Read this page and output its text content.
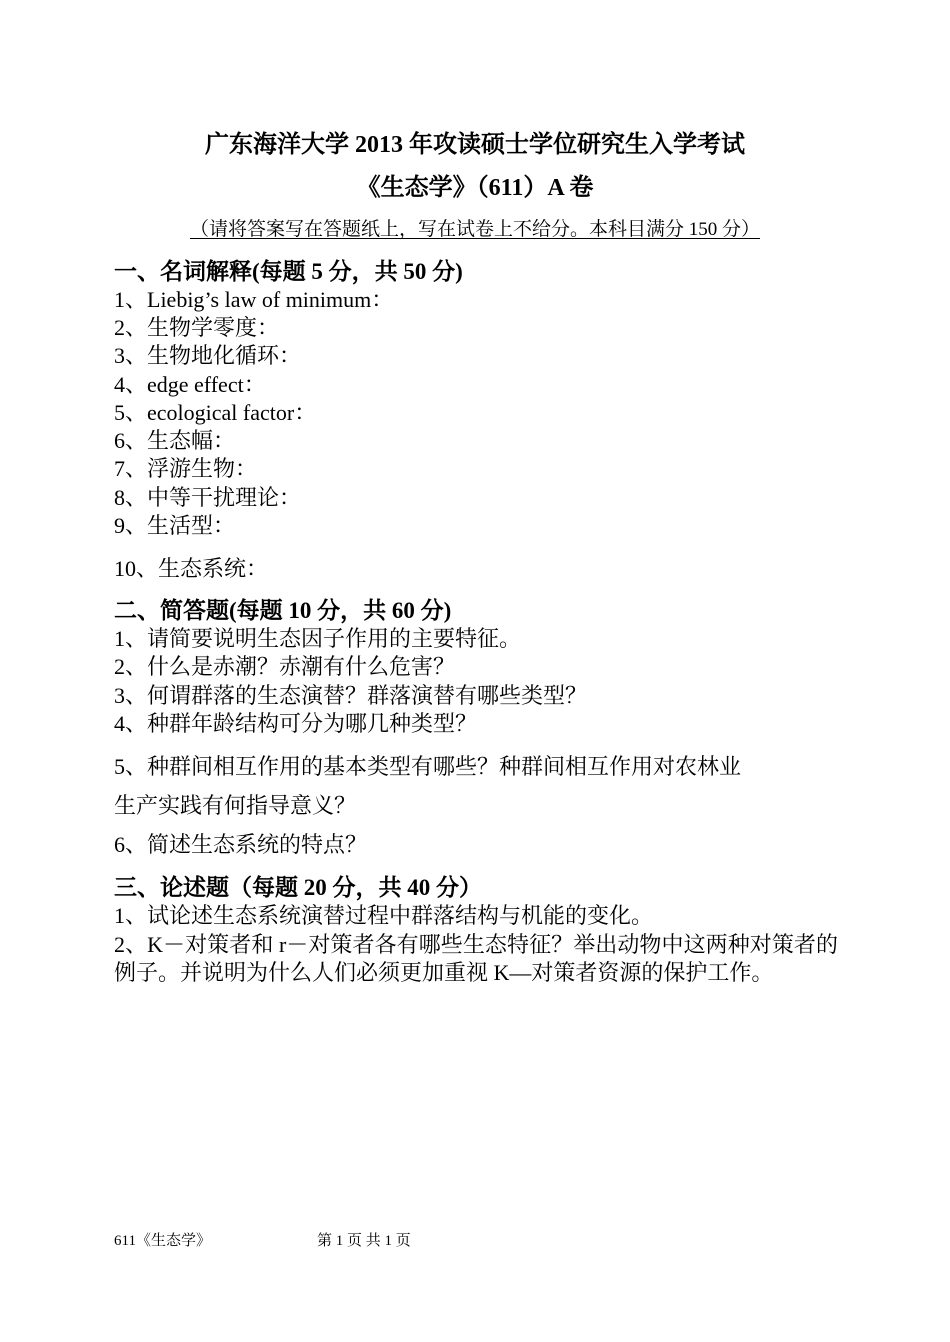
广东海洋大学 2013 年攻读硕士学位研究生入学考试
《生态学》（611）A 卷
（请将答案写在答题纸上，写在试卷上不给分。本科目满分 150 分）
一、名词解释(每题 5 分，共 50 分)
1、Liebig’s law of minimum：
2、生物学零度：
3、生物地化循环：
4、edge effect：
5、ecological factor：
6、生态幅：
7、浮游生物：
8、中等干扰理论：
9、生活型：
10、生态系统：
二、简答题(每题 10 分，共 60 分)
1、请简要说明生态因子作用的主要特征。
2、什么是赤潮？赤潮有什么危害？
3、何谓群落的生态演替？群落演替有哪些类型？
4、种群年龄结构可分为哪几种类型？
5、种群间相互作用的基本类型有哪些？种群间相互作用对农林业
生产实践有何指导意义？
6、简述生态系统的特点？
三、论述题（每题 20 分，共 40 分）
1、试论述生态系统演替过程中群落结构与机能的变化。
2、K－对策者和 r－对策者各有哪些生态特征？举出动物中这两种对策者的例子。并说明为什么人们必须更加重视 K—对策者资源的保护工作。
611《生态学》	第 1 页 共 1 页
